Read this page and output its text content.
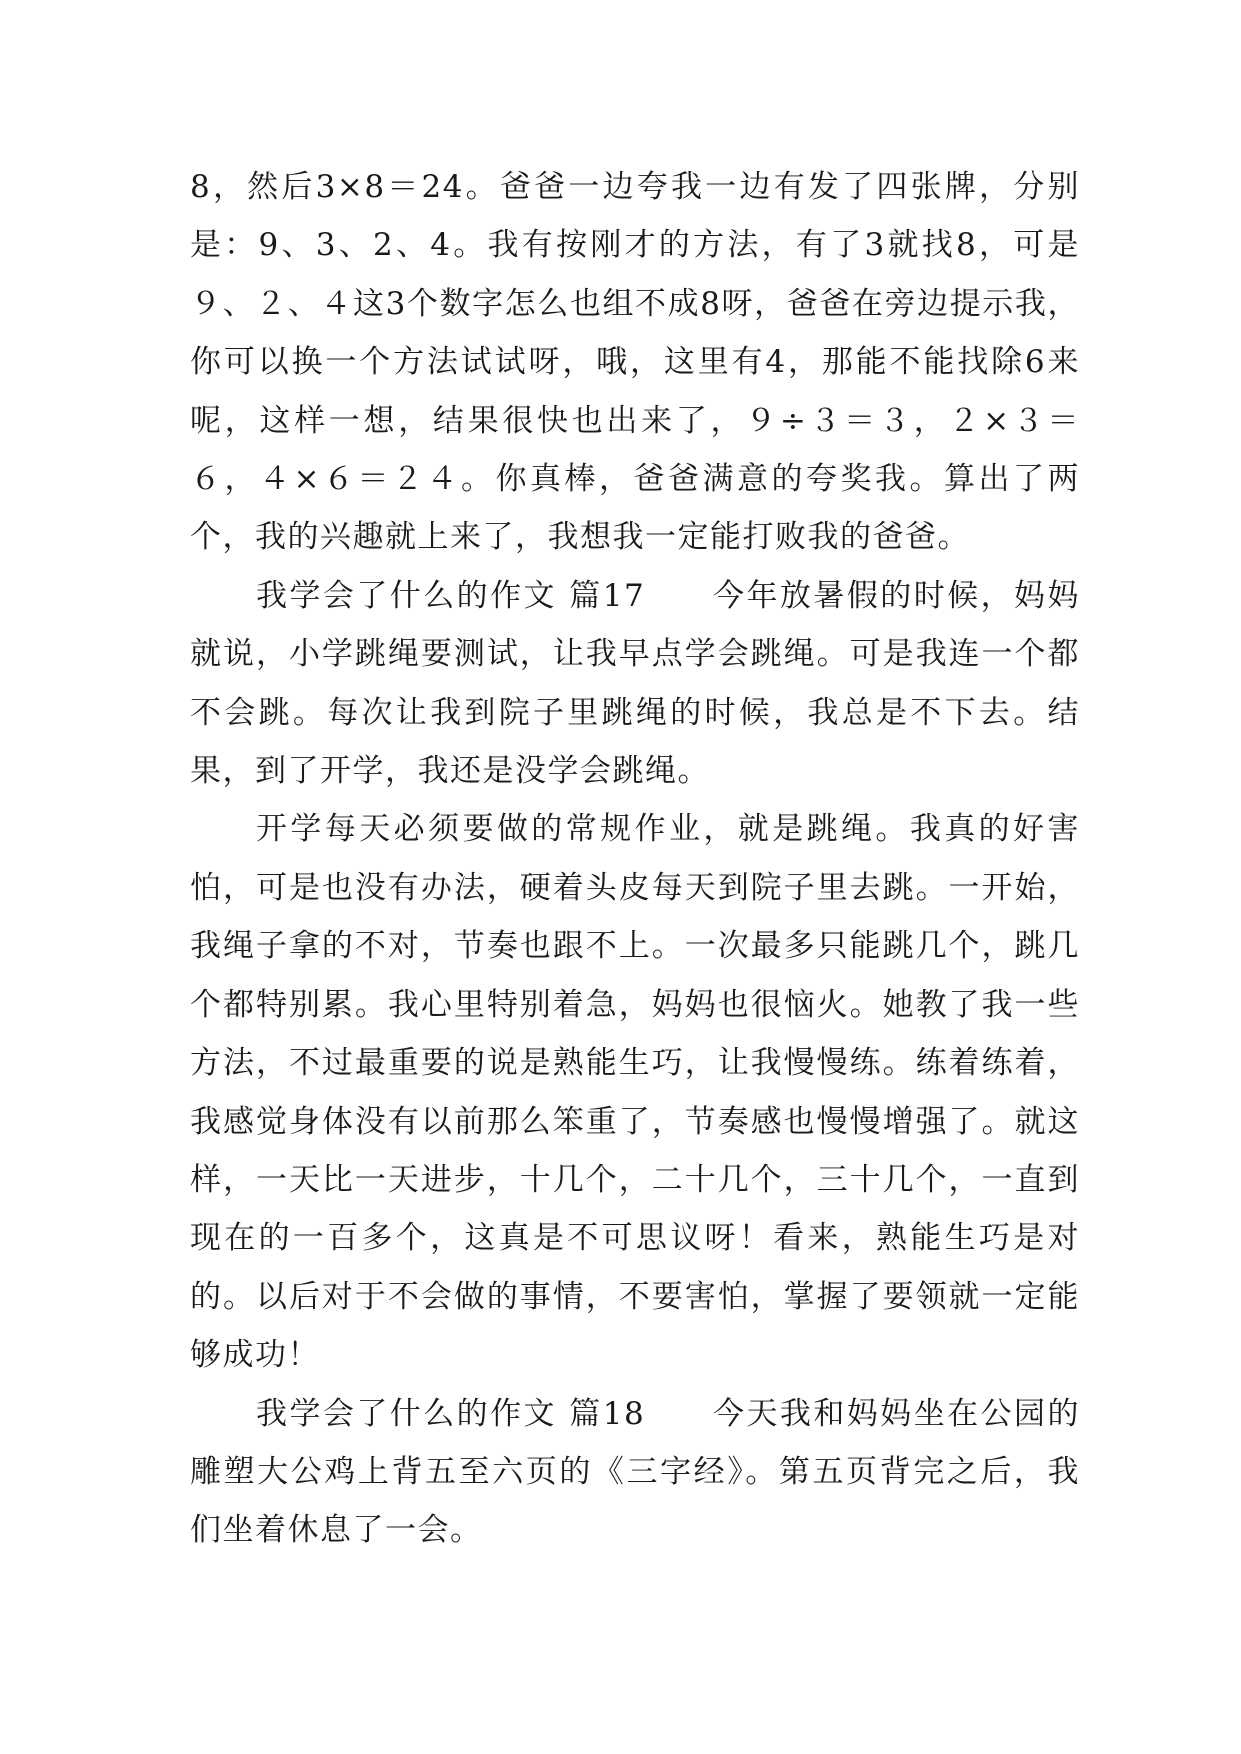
8，然后3×8＝24。爸爸一边夸我一边有发了四张牌，分别是：9、3、2、4。我有按刚才的方法，有了3就找8，可是９、２、４这3个数字怎么也组不成8呀，爸爸在旁边提示我，你可以换一个方法试试呀，哦，这里有4，那能不能找除6来呢，这样一想，结果很快也出来了，９÷３＝３，２×３＝６，４×６＝２４。你真棒，爸爸满意的夸奖我。算出了两个，我的兴趣就上来了，我想我一定能打败我的爸爸。

我学会了什么的作文 篇17　　今年放暑假的时候，妈妈就说，小学跳绳要测试，让我早点学会跳绳。可是我连一个都不会跳。每次让我到院子里跳绳的时候，我总是不下去。结果，到了开学，我还是没学会跳绳。

开学每天必须要做的常规作业，就是跳绳。我真的好害怕，可是也没有办法，硬着头皮每天到院子里去跳。一开始，我绳子拿的不对，节奏也跟不上。一次最多只能跳几个，跳几个都特别累。我心里特别着急，妈妈也很恼火。她教了我一些方法，不过最重要的说是熟能生巧，让我慢慢练。练着练着，我感觉身体没有以前那么笨重了，节奏感也慢慢增强了。就这样，一天比一天进步，十几个，二十几个，三十几个，一直到现在的一百多个，这真是不可思议呀！看来，熟能生巧是对的。以后对于不会做的事情，不要害怕，掌握了要领就一定能够成功！

我学会了什么的作文 篇18　　今天我和妈妈坐在公园的雕塑大公鸡上背五至六页的《三字经》。第五页背完之后，我们坐着休息了一会。
